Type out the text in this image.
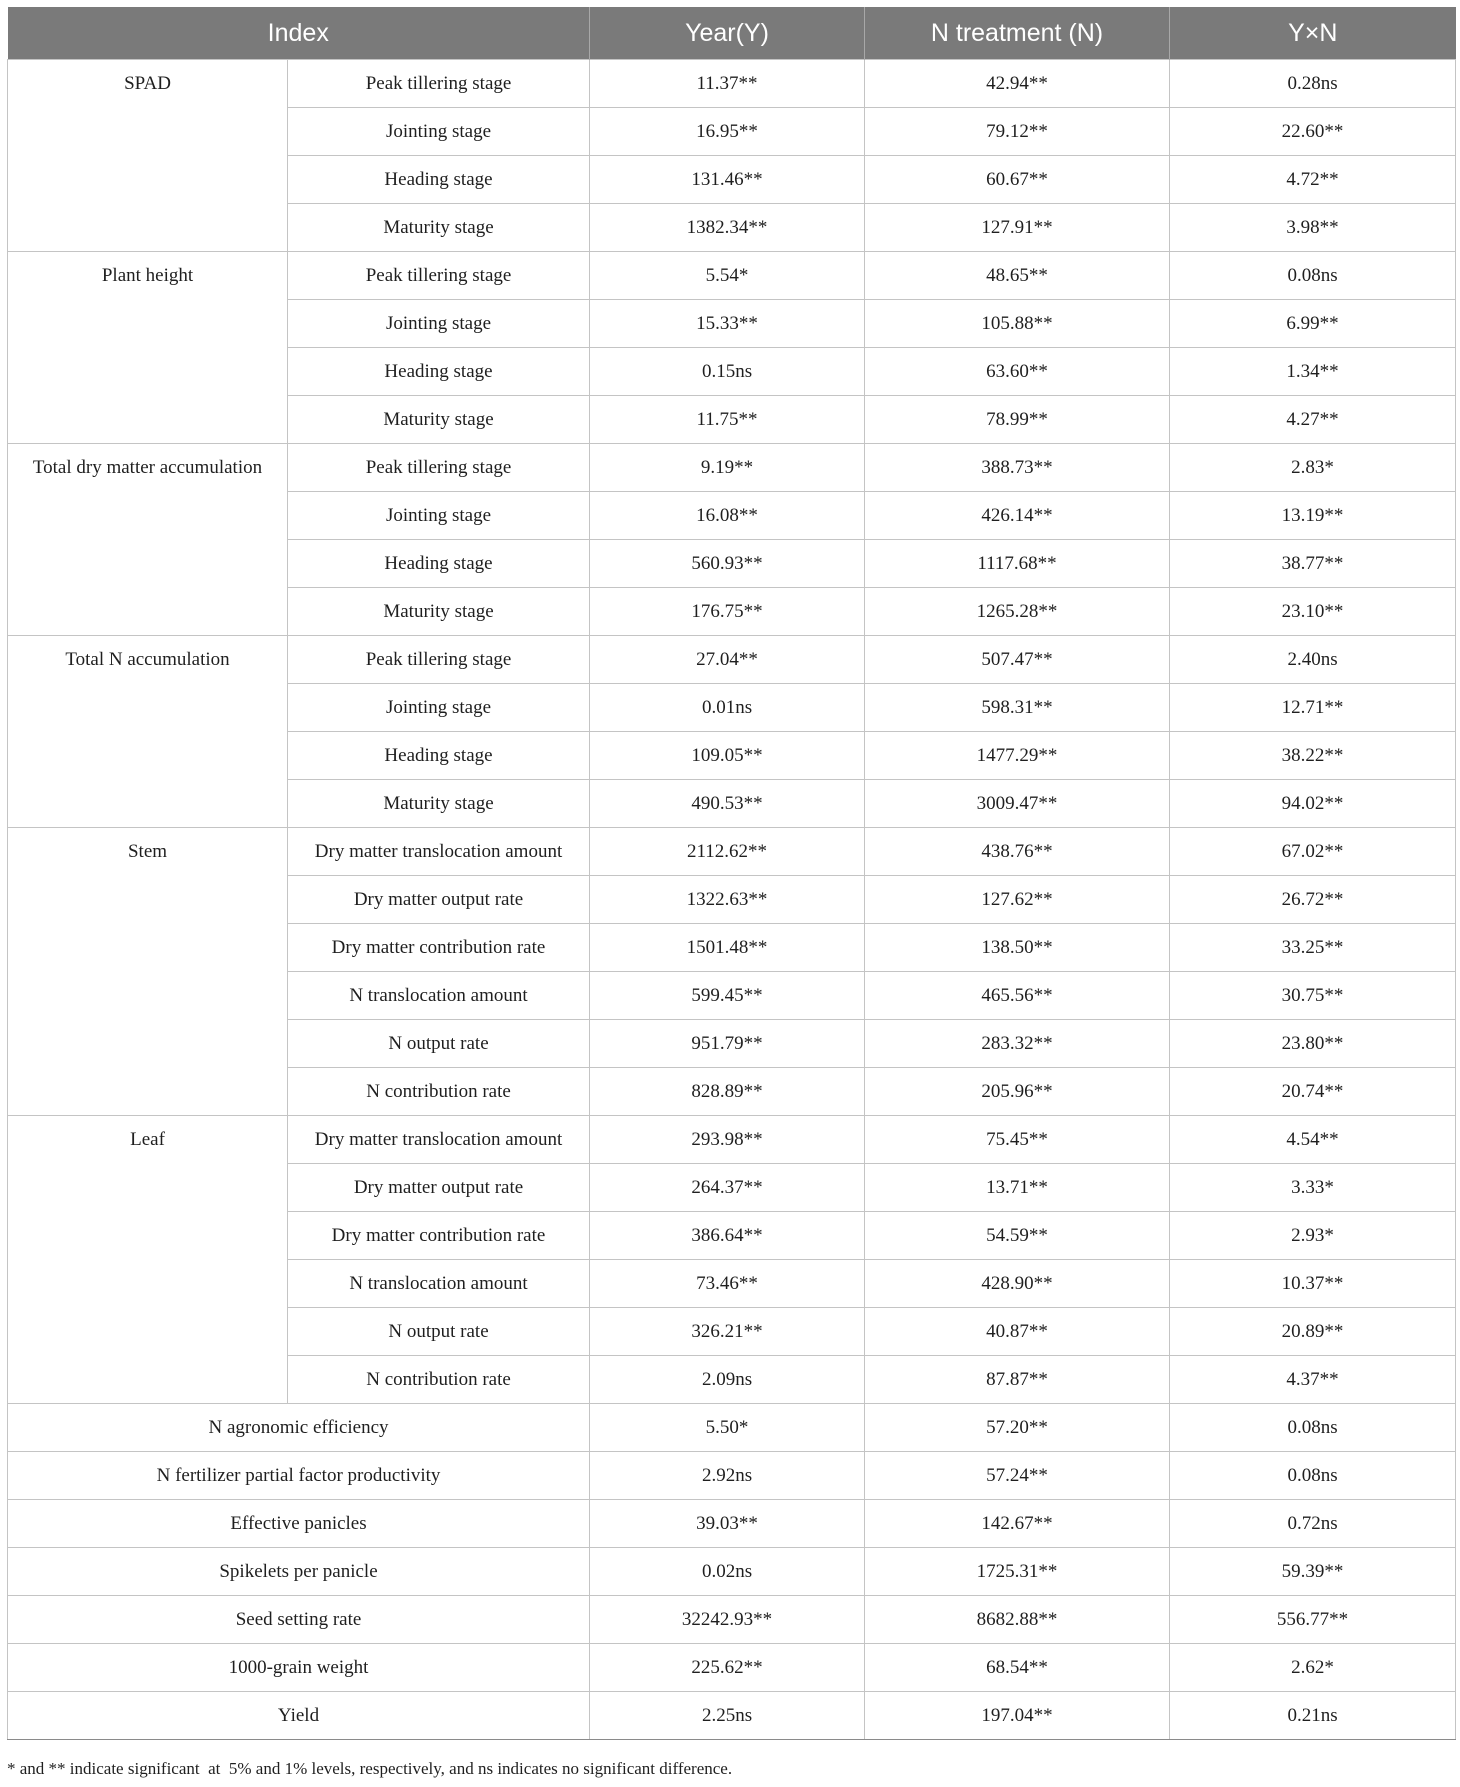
Index		Year(Y)	N treatment (N)	Y×N
SPAD	Peak tillering stage	11.37**	42.94**	0.28ns
	Jointing stage	16.95**	79.12**	22.60**
	Heading stage	131.46**	60.67**	4.72**
	Maturity stage	1382.34**	127.91**	3.98**
Plant height	Peak tillering stage	5.54*	48.65**	0.08ns
	Jointing stage	15.33**	105.88**	6.99**
	Heading stage	0.15ns	63.60**	1.34**
	Maturity stage	11.75**	78.99**	4.27**
Total dry matter accumulation	Peak tillering stage	9.19**	388.73**	2.83*
	Jointing stage	16.08**	426.14**	13.19**
	Heading stage	560.93**	1117.68**	38.77**
	Maturity stage	176.75**	1265.28**	23.10**
Total N accumulation	Peak tillering stage	27.04**	507.47**	2.40ns
	Jointing stage	0.01ns	598.31**	12.71**
	Heading stage	109.05**	1477.29**	38.22**
	Maturity stage	490.53**	3009.47**	94.02**
Stem	Dry matter translocation amount	2112.62**	438.76**	67.02**
	Dry matter output rate	1322.63**	127.62**	26.72**
	Dry matter contribution rate	1501.48**	138.50**	33.25**
	N translocation amount	599.45**	465.56**	30.75**
	N output rate	951.79**	283.32**	23.80**
	N contribution rate	828.89**	205.96**	20.74**
Leaf	Dry matter translocation amount	293.98**	75.45**	4.54**
	Dry matter output rate	264.37**	13.71**	3.33*
	Dry matter contribution rate	386.64**	54.59**	2.93*
	N translocation amount	73.46**	428.90**	10.37**
	N output rate	326.21**	40.87**	20.89**
	N contribution rate	2.09ns	87.87**	4.37**
N agronomic efficiency		5.50*	57.20**	0.08ns
N fertilizer partial factor productivity		2.92ns	57.24**	0.08ns
Effective panicles		39.03**	142.67**	0.72ns
Spikelets per panicle		0.02ns	1725.31**	59.39**
Seed setting rate		32242.93**	8682.88**	556.77**
1000-grain weight		225.62**	68.54**	2.62*
Yield		2.25ns	197.04**	0.21ns
* and ** indicate significant  at  5% and 1% levels, respectively, and ns indicates no significant difference.
